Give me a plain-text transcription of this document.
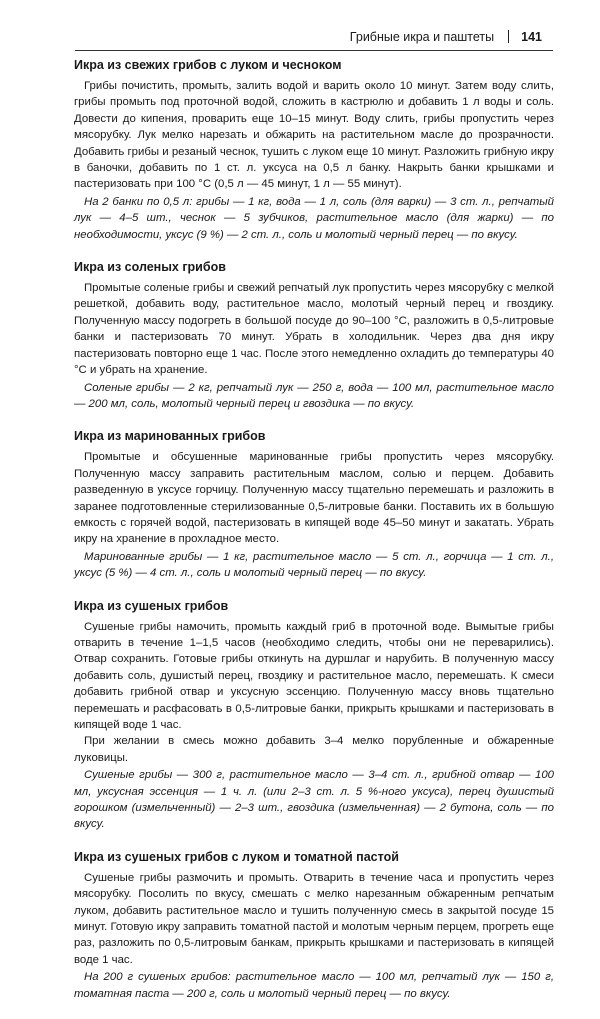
Грибные икра и паштеты 141
Икра из свежих грибов с луком и чесноком

Грибы почистить, промыть, залить водой и варить около 10 минут. Затем воду слить, грибы промыть под проточной водой, сложить в кастрюлю и добавить 1 л воды и соль. Довести до кипения, проварить еще 10–15 минут. Воду слить, грибы пропустить через мясорубку. Лук мелко нарезать и обжарить на растительном масле до прозрачности. Добавить грибы и резаный чеснок, тушить с луком еще 10 минут. Разложить грибную икру в баночки, добавить по 1 ст. л. уксуса на 0,5 л банку. Накрыть банки крышками и пастеризовать при 100 °С (0,5 л — 45 минут, 1 л — 55 минут).

На 2 банки по 0,5 л: грибы — 1 кг, вода — 1 л, соль (для варки) — 3 ст. л., репчатый лук — 4–5 шт., чеснок — 5 зубчиков, растительное масло (для жарки) — по необходимости, уксус (9 %) — 2 ст. л., соль и молотый черный перец — по вкусу.

Икра из соленых грибов

Промытые соленые грибы и свежий репчатый лук пропустить через мясорубку с мелкой решеткой, добавить воду, растительное масло, молотый черный перец и гвоздику. Полученную массу подогреть в большой посуде до 90–100 °С, разложить в 0,5-литровые банки и пастеризовать 70 минут. Убрать в холодильник. Через два дня икру пастеризовать повторно еще 1 час. После этого немедленно охладить до температуры 40 °С и убрать на хранение.

Соленые грибы — 2 кг, репчатый лук — 250 г, вода — 100 мл, растительное масло — 200 мл, соль, молотый черный перец и гвоздика — по вкусу.

Икра из маринованных грибов

Промытые и обсушенные маринованные грибы пропустить через мясорубку. Полученную массу заправить растительным маслом, солью и перцем. Добавить разведенную в уксусе горчицу. Полученную массу тщательно перемешать и разложить в заранее подготовленные стерилизованные 0,5-литровые банки. Поставить их в большую емкость с горячей водой, пастеризовать в кипящей воде 45–50 минут и закатать. Убрать икру на хранение в прохладное место.

Маринованные грибы — 1 кг, растительное масло — 5 ст. л., горчица — 1 ст. л., уксус (5 %) — 4 ст. л., соль и молотый черный перец — по вкусу.

Икра из сушеных грибов

Сушеные грибы намочить, промыть каждый гриб в проточной воде. Вымытые грибы отварить в течение 1–1,5 часов (необходимо следить, чтобы они не переварились). Отвар сохранить. Готовые грибы откинуть на дуршлаг и нарубить. В полученную массу добавить соль, душистый перец, гвоздику и растительное масло, перемешать. К смеси добавить грибной отвар и уксусную эссенцию. Полученную массу вновь тщательно перемешать и расфасовать в 0,5-литровые банки, прикрыть крышками и пастеризовать в кипящей воде 1 час.

При желании в смесь можно добавить 3–4 мелко порубленные и обжаренные луковицы.

Сушеные грибы — 300 г, растительное масло — 3–4 ст. л., грибной отвар — 100 мл, уксусная эссенция — 1 ч. л. (или 2–3 ст. л. 5 %-ного уксуса), перец душистый горошком (измельченный) — 2–3 шт., гвоздика (измельченная) — 2 бутона, соль — по вкусу.

Икра из сушеных грибов с луком и томатной пастой

Сушеные грибы размочить и промыть. Отварить в течение часа и пропустить через мясорубку. Посолить по вкусу, смешать с мелко нарезанным обжаренным репчатым луком, добавить растительное масло и тушить полученную смесь в закрытой посуде 15 минут. Готовую икру заправить томатной пастой и молотым черным перцем, прогреть еще раз, разложить по 0,5-литровым банкам, прикрыть крышками и пастеризовать в кипящей воде 1 час.

На 200 г сушеных грибов: растительное масло — 100 мл, репчатый лук — 150 г, томатная паста — 200 г, соль и молотый черный перец — по вкусу.
